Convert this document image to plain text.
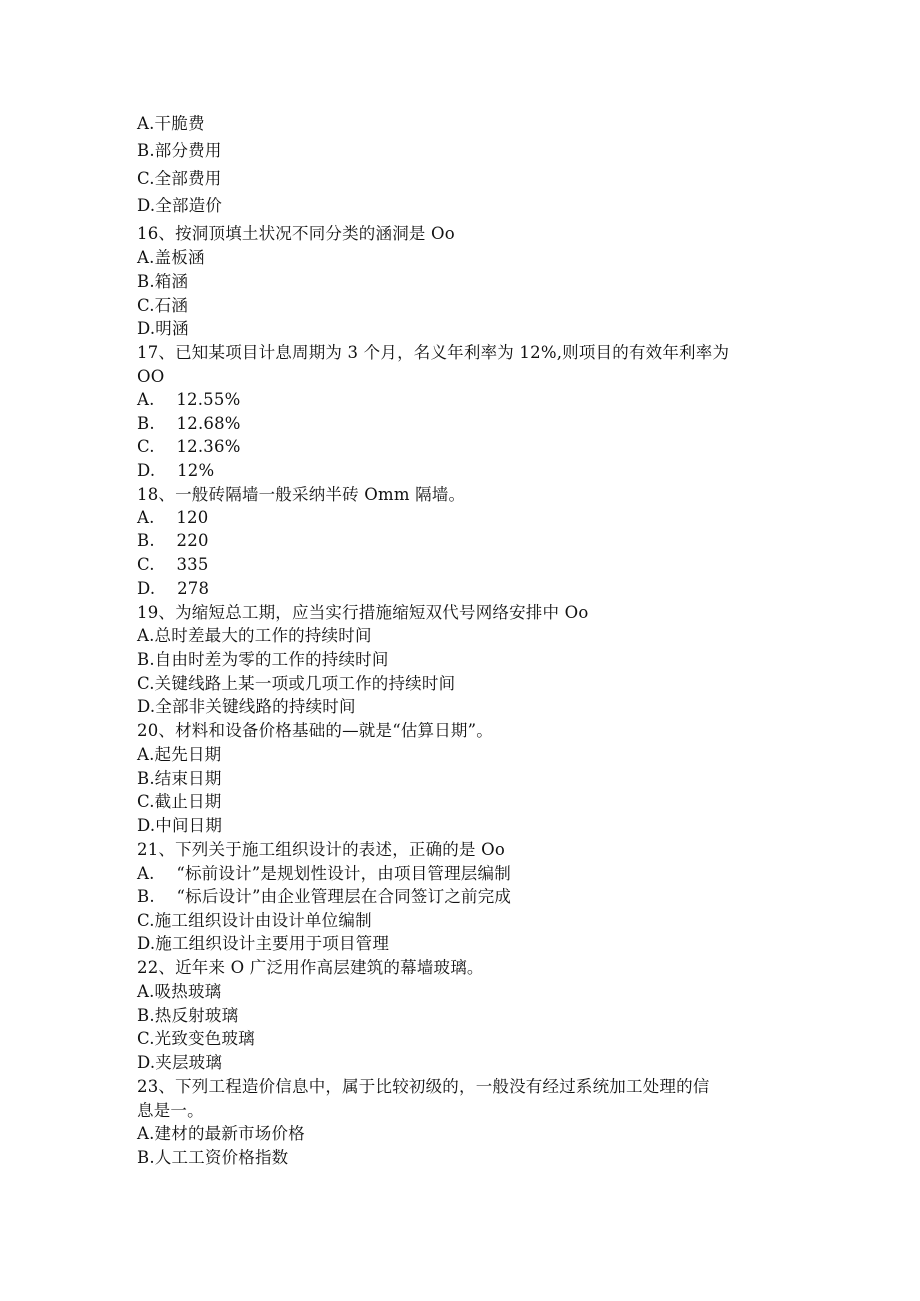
A.干脆费
B.部分费用
C.全部费用
D.全部造价
16、按洞顶填土状况不同分类的涵洞是 Oo
A.盖板涵
B.箱涵
C.石涵
D.明涵
17、已知某项目计息周期为 3 个月，名义年利率为 12%,则项目的有效年利率为
OO
A.    12.55%
B.    12.68%
C.    12.36%
D.    12%
18、一般砖隔墙一般采纳半砖 Omm 隔墙。
A.    120
B.    220
C.    335
D.    278
19、为缩短总工期，应当实行措施缩短双代号网络安排中 Oo
A.总时差最大的工作的持续时间
B.自由时差为零的工作的持续时间
C.关键线路上某一项或几项工作的持续时间
D.全部非关键线路的持续时间
20、材料和设备价格基础的—就是“估算日期”。
A.起先日期
B.结束日期
C.截止日期
D.中间日期
21、下列关于施工组织设计的表述，正确的是 Oo
A.    “标前设计”是规划性设计，由项目管理层编制
B.    “标后设计”由企业管理层在合同签订之前完成
C.施工组织设计由设计单位编制
D.施工组织设计主要用于项目管理
22、近年来 O 广泛用作高层建筑的幕墙玻璃。
A.吸热玻璃
B.热反射玻璃
C.光致变色玻璃
D.夹层玻璃
23、下列工程造价信息中，属于比较初级的，一般没有经过系统加工处理的信
息是一。
A.建材的最新市场价格
B.人工工资价格指数
